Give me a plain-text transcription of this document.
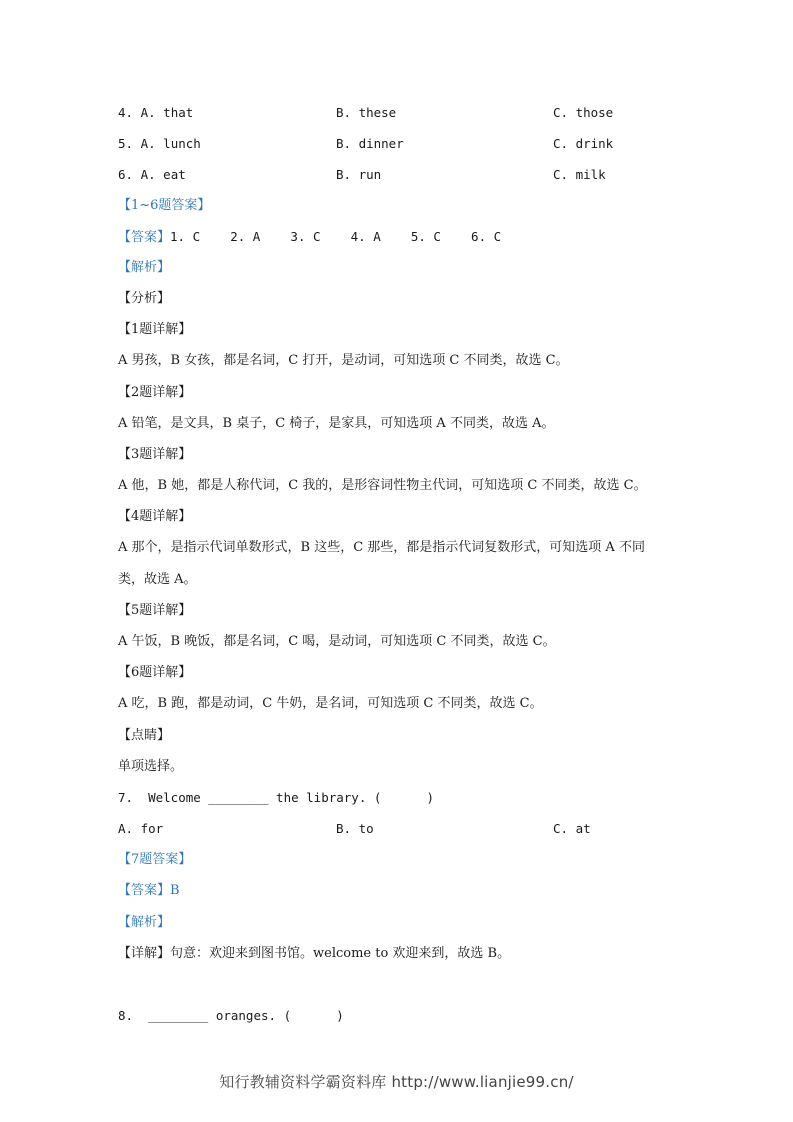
4. A. that	B. these	C. those
5. A. lunch	B. dinner	C. drink
6. A. eat	B. run	C. milk
【1~6题答案】
【答案】1. C    2. A    3. C    4. A    5. C    6. C
【解析】
【分析】
【1题详解】
A 男孩，B 女孩，都是名词，C 打开，是动词，可知选项 C 不同类，故选 C。
【2题详解】
A 铅笔，是文具，B 桌子，C 椅子，是家具，可知选项 A 不同类，故选 A。
【3题详解】
A 他，B 她，都是人称代词，C 我的，是形容词性物主代词，可知选项 C 不同类，故选 C。
【4题详解】
A 那个，是指示代词单数形式，B 这些，C 那些，都是指示代词复数形式，可知选项 A 不同
类，故选 A。
【5题详解】
A 午饭，B 晚饭，都是名词，C 喝，是动词，可知选项 C 不同类，故选 C。
【6题详解】
A 吃，B 跑，都是动词，C 牛奶，是名词，可知选项 C 不同类，故选 C。
【点睛】
单项选择。
7.  Welcome ________ the library. (      )
A. for	B. to	C. at
【7题答案】
【答案】B
【解析】
【详解】句意：欢迎来到图书馆。welcome to 欢迎来到，故选 B。
8.  ________ oranges. (      )
知行教辅资料学霸资料库 http://www.lianjie99.cn/
